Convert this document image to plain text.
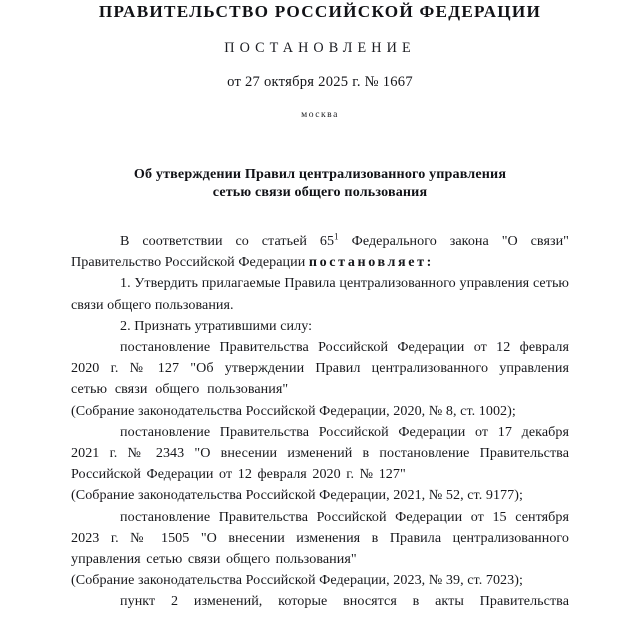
ПРАВИТЕЛЬСТВО РОССИЙСКОЙ ФЕДЕРАЦИИ
ПОСТАНОВЛЕНИЕ
от 27 октября 2025 г. № 1667
москва
Об утверждении Правил централизованного управления
сетью связи общего пользования

В соответствии со статьей 65$^1$ Федерального закона "О связи" Правительство Российской Федерации постановляет:

1. Утвердить прилагаемые Правила централизованного управления сетью связи общего пользования.

2. Признать утратившими силу:

постановление Правительства Российской Федерации от 12 февраля 2020 г. № 127 "Об утверждении Правил централизованного управления сетью связи общего пользования"

(Собрание законодательства Российской Федерации, 2020, № 8, ст. 1002);

постановление Правительства Российской Федерации от 17 декабря 2021 г. № 2343 "О внесении изменений в постановление Правительства Российской Федерации от 12 февраля 2020 г. № 127"

(Собрание законодательства Российской Федерации, 2021, № 52, ст. 9177);

постановление Правительства Российской Федерации от 15 сентября 2023 г. № 1505 "О внесении изменения в Правила централизованного управления сетью связи общего пользования"

(Собрание законодательства Российской Федерации, 2023, № 39, ст. 7023);

пункт 2 изменений, которые вносятся в акты Правительства
